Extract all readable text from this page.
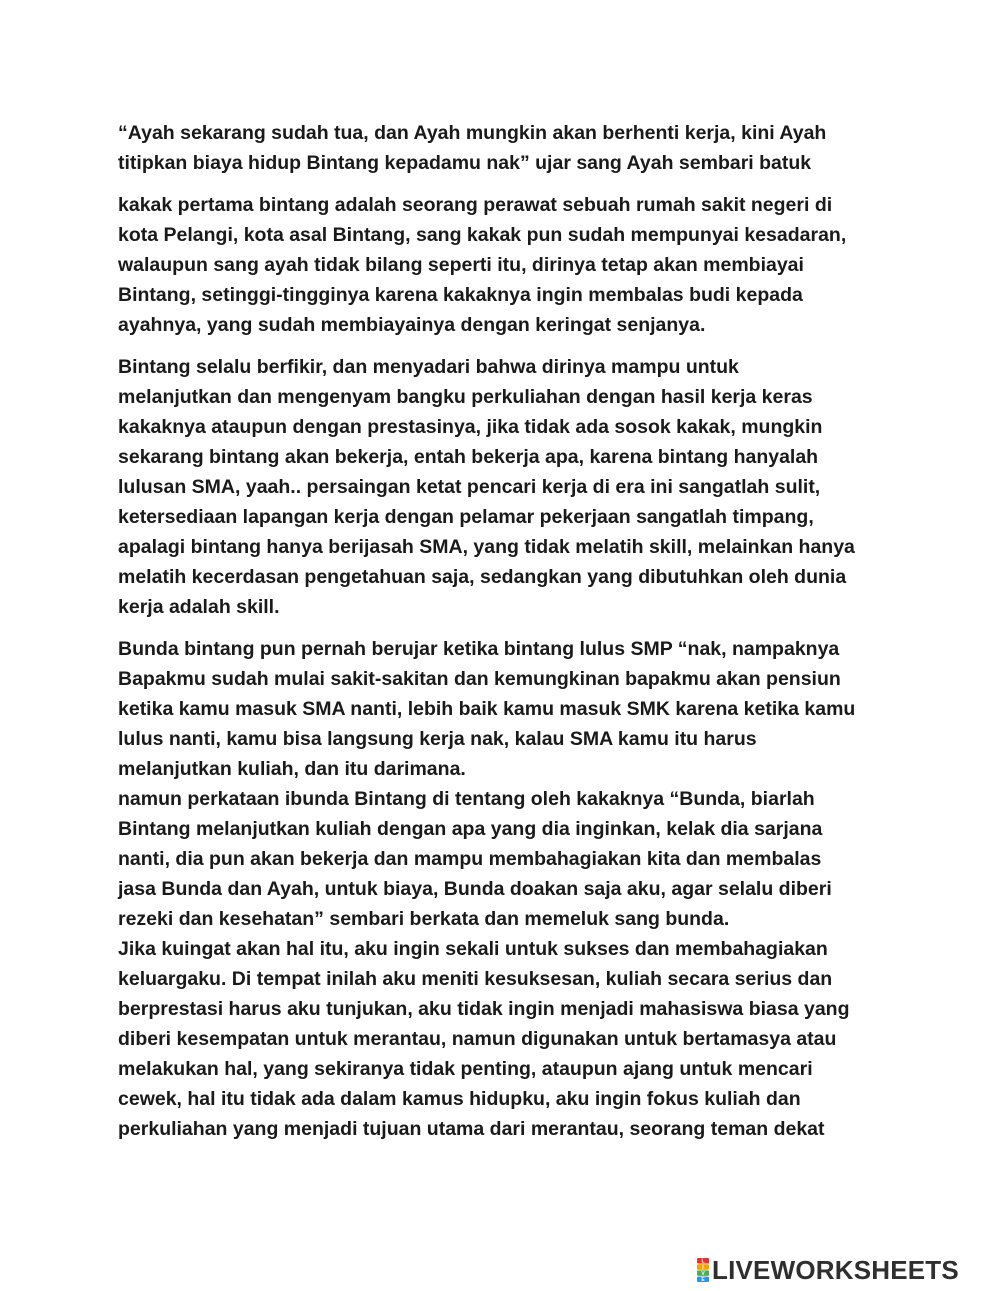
“Ayah sekarang sudah tua, dan Ayah mungkin akan berhenti kerja, kini Ayah
titipkan biaya hidup Bintang kepadamu nak” ujar sang Ayah sembari batuk
kakak pertama bintang adalah seorang perawat sebuah rumah sakit negeri di
kota Pelangi, kota asal Bintang, sang kakak pun sudah mempunyai kesadaran,
walaupun sang ayah tidak bilang seperti itu, dirinya tetap akan membiayai
Bintang, setinggi-tingginya karena kakaknya ingin membalas budi kepada
ayahnya, yang sudah membiayainya dengan keringat senjanya.
Bintang selalu berfikir, dan menyadari bahwa dirinya mampu untuk
melanjutkan dan mengenyam bangku perkuliahan dengan hasil kerja keras
kakaknya ataupun dengan prestasinya, jika tidak ada sosok kakak, mungkin
sekarang bintang akan bekerja, entah bekerja apa, karena bintang hanyalah
lulusan SMA, yaah.. persaingan ketat pencari kerja di era ini sangatlah sulit,
ketersediaan lapangan kerja dengan pelamar pekerjaan sangatlah timpang,
apalagi bintang hanya berijasah SMA, yang tidak melatih skill, melainkan hanya
melatih kecerdasan pengetahuan saja, sedangkan yang dibutuhkan oleh dunia
kerja adalah skill.
Bunda bintang pun pernah berujar ketika bintang lulus SMP “nak, nampaknya
Bapakmu sudah mulai sakit-sakitan dan kemungkinan bapakmu akan pensiun
ketika kamu masuk SMA nanti, lebih baik kamu masuk SMK karena ketika kamu
lulus nanti, kamu bisa langsung kerja nak, kalau SMA kamu itu harus
melanjutkan kuliah, dan itu darimana.
namun perkataan ibunda Bintang di tentang oleh kakaknya “Bunda, biarlah
Bintang melanjutkan kuliah dengan apa yang dia inginkan, kelak dia sarjana
nanti, dia pun akan bekerja dan mampu membahagiakan kita dan membalas
jasa Bunda dan Ayah, untuk biaya, Bunda doakan saja aku, agar selalu diberi
rezeki dan kesehatan” sembari berkata dan memeluk sang bunda.
Jika kuingat akan hal itu, aku ingin sekali untuk sukses dan membahagiakan
keluargaku. Di tempat inilah aku meniti kesuksesan, kuliah secara serius dan
berprestasi harus aku tunjukan, aku tidak ingin menjadi mahasiswa biasa yang
diberi kesempatan untuk merantau, namun digunakan untuk bertamasya atau
melakukan hal, yang sekiranya tidak penting, ataupun ajang untuk mencari
cewek, hal itu tidak ada dalam kamus hidupku, aku ingin fokus kuliah dan
perkuliahan yang menjadi tujuan utama dari merantau, seorang teman dekat
L
I
V
E LIVEWORKSHEETS
